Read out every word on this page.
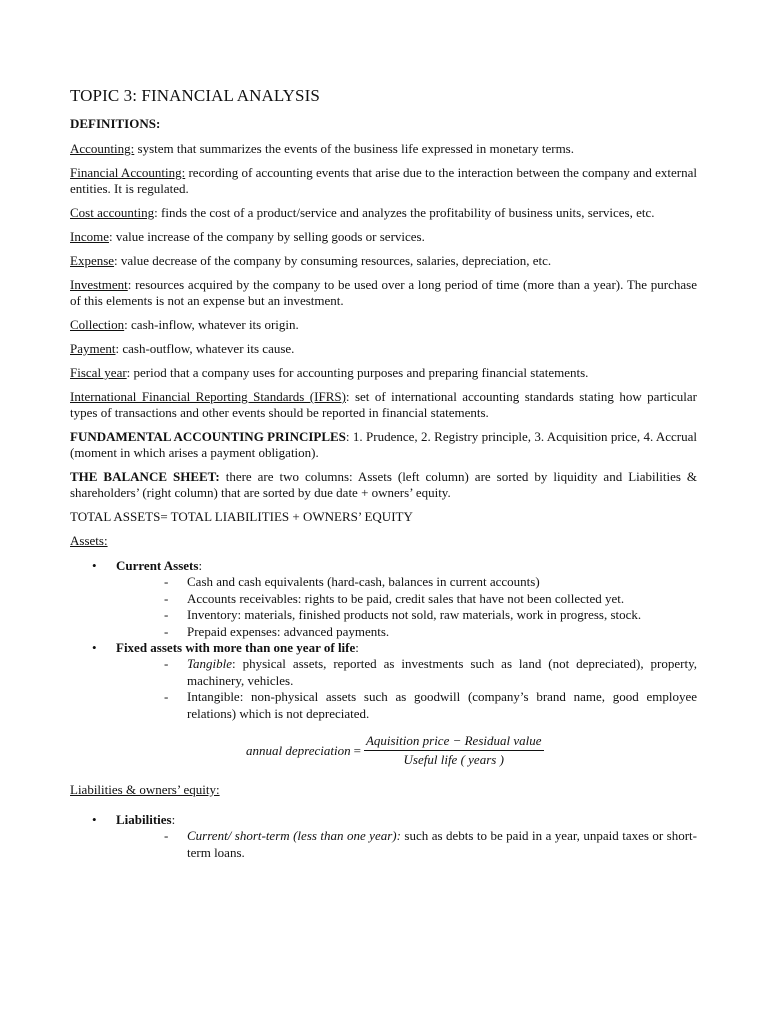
TOPIC 3: FINANCIAL ANALYSIS
DEFINITIONS:

Accounting: system that summarizes the events of the business life expressed in monetary terms.

Financial Accounting: recording of accounting events that arise due to the interaction between the company and external entities. It is regulated.

Cost accounting: finds the cost of a product/service and analyzes the profitability of business units, services, etc.

Income: value increase of the company by selling goods or services.

Expense: value decrease of the company by consuming resources, salaries, depreciation, etc.

Investment: resources acquired by the company to be used over a long period of time (more than a year). The purchase of this elements is not an expense but an investment.

Collection: cash-inflow, whatever its origin.

Payment: cash-outflow, whatever its cause.

Fiscal year: period that a company uses for accounting purposes and preparing financial statements.

International Financial Reporting Standards (IFRS): set of international accounting standards stating how particular types of transactions and other events should be reported in financial statements.

FUNDAMENTAL ACCOUNTING PRINCIPLES: 1. Prudence, 2. Registry principle, 3. Acquisition price, 4. Accrual (moment in which arises a payment obligation).

THE BALANCE SHEET: there are two columns: Assets (left column) are sorted by liquidity and Liabilities & shareholders’ (right column) that are sorted by due date + owners’ equity.

TOTAL ASSETS= TOTAL LIABILITIES + OWNERS’ EQUITY

Assets:

• Current Assets:
- Cash and cash equivalents (hard-cash, balances in current accounts)
- Accounts receivables: rights to be paid, credit sales that have not been collected yet.
- Inventory: materials, finished products not sold, raw materials, work in progress, stock.
- Prepaid expenses: advanced payments.
• Fixed assets with more than one year of life:
- Tangible: physical assets, reported as investments such as land (not depreciated), property, machinery, vehicles.
- Intangible: non-physical assets such as goodwill (company’s brand name, good employee relations) which is not depreciated.
annual depreciation = $\frac{\text{Aquisition price − Residual value}}{\text{Useful life ( years )}}$

Liabilities & owners’ equity:

• Liabilities:
- Current/ short-term (less than one year): such as debts to be paid in a year, unpaid taxes or short-term loans.
